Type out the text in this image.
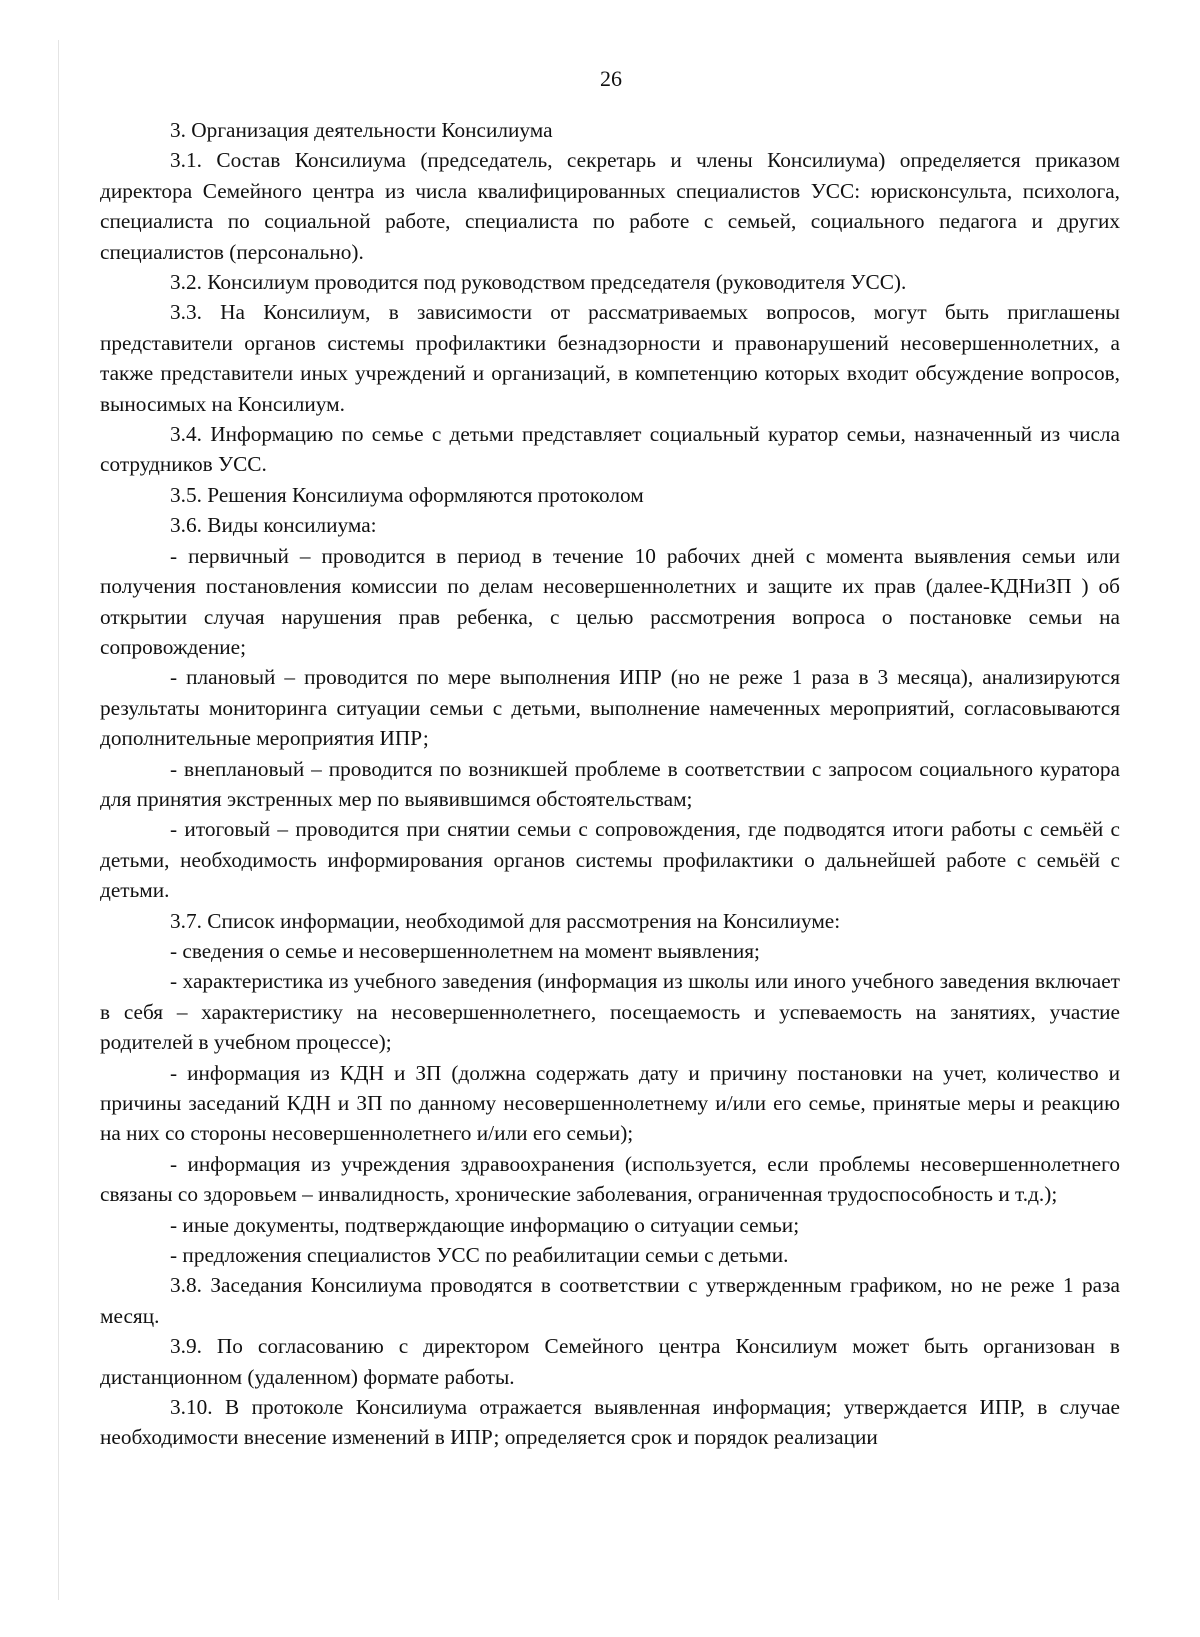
26

3. Организация деятельности Консилиума

3.1. Состав Консилиума (председатель, секретарь и члены Консилиума) определяется приказом директора Семейного центра из числа квалифицированных специалистов УСС: юрисконсульта, психолога, специалиста по социальной работе, специалиста по работе с семьей, социального педагога и других специалистов (персонально).

3.2. Консилиум проводится под руководством председателя (руководителя УСС).

3.3. На Консилиум, в зависимости от рассматриваемых вопросов, могут быть приглашены представители органов системы профилактики безнадзорности и правонарушений несовершеннолетних, а также представители иных учреждений и организаций, в компетенцию которых входит обсуждение вопросов, выносимых на Консилиум.

3.4. Информацию по семье с детьми представляет социальный куратор семьи, назначенный из числа сотрудников УСС.

3.5. Решения Консилиума оформляются протоколом

3.6. Виды консилиума:

- первичный – проводится в период в течение 10 рабочих дней с момента выявления семьи или получения постановления комиссии по делам несовершеннолетних и защите их прав (далее-КДНиЗП ) об открытии случая нарушения прав ребенка, с целью рассмотрения вопроса о постановке семьи на сопровождение;

- плановый – проводится по мере выполнения ИПР (но не реже 1 раза в 3 месяца), анализируются результаты мониторинга ситуации семьи с детьми, выполнение намеченных мероприятий, согласовываются дополнительные мероприятия ИПР;

- внеплановый – проводится по возникшей проблеме в соответствии с запросом социального куратора для принятия экстренных мер по выявившимся обстоятельствам;

- итоговый – проводится при снятии семьи с сопровождения, где подводятся итоги работы с семьёй с детьми, необходимость информирования органов системы профилактики о дальнейшей работе с семьёй с детьми.

3.7. Список информации, необходимой для рассмотрения на Консилиуме:

- сведения о семье и несовершеннолетнем на момент выявления;

- характеристика из учебного заведения (информация из школы или иного учебного заведения включает в себя – характеристику на несовершеннолетнего, посещаемость и успеваемость на занятиях, участие родителей в учебном процессе);

- информация из КДН и ЗП (должна содержать дату и причину постановки на учет, количество и причины заседаний КДН и ЗП по данному несовершеннолетнему и/или его семье, принятые меры и реакцию на них со стороны несовершеннолетнего и/или его семьи);

- информация из учреждения здравоохранения (используется, если проблемы несовершеннолетнего связаны со здоровьем – инвалидность, хронические заболевания, ограниченная трудоспособность и т.д.);

- иные документы, подтверждающие информацию о ситуации семьи;

- предложения специалистов УСС по реабилитации семьи с детьми.

3.8. Заседания Консилиума проводятся в соответствии с утвержденным графиком, но не реже 1 раза месяц.

3.9. По согласованию с директором Семейного центра Консилиум может быть организован в дистанционном (удаленном) формате работы.

3.10. В протоколе Консилиума отражается выявленная информация; утверждается ИПР, в случае необходимости внесение изменений в ИПР; определяется срок и порядок реализации
